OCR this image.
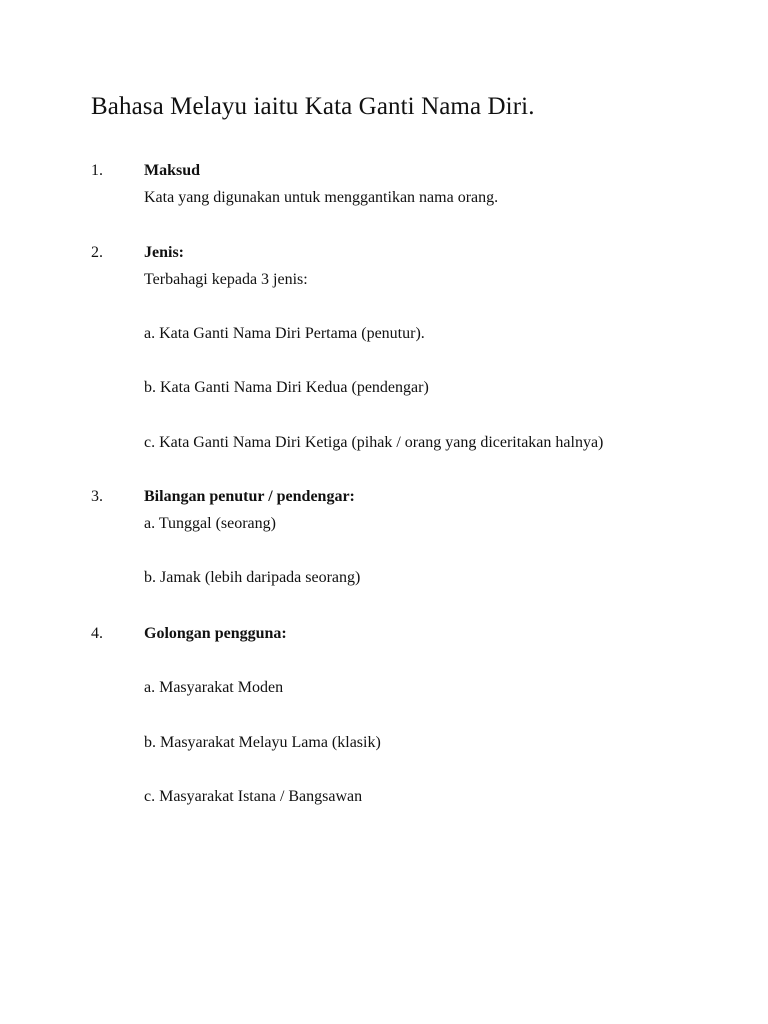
Bahasa Melayu iaitu Kata Ganti Nama Diri.
1.	Maksud
Kata yang digunakan untuk menggantikan nama orang.
2.	Jenis:
Terbahagi kepada 3 jenis:
a. Kata Ganti Nama Diri Pertama (penutur).
b. Kata Ganti Nama Diri Kedua (pendengar)
c. Kata Ganti Nama Diri Ketiga (pihak / orang yang diceritakan halnya)
3.	Bilangan penutur / pendengar:
a. Tunggal (seorang)
b. Jamak (lebih daripada seorang)
4.	Golongan pengguna:
a. Masyarakat Moden
b. Masyarakat Melayu Lama (klasik)
c. Masyarakat Istana / Bangsawan
